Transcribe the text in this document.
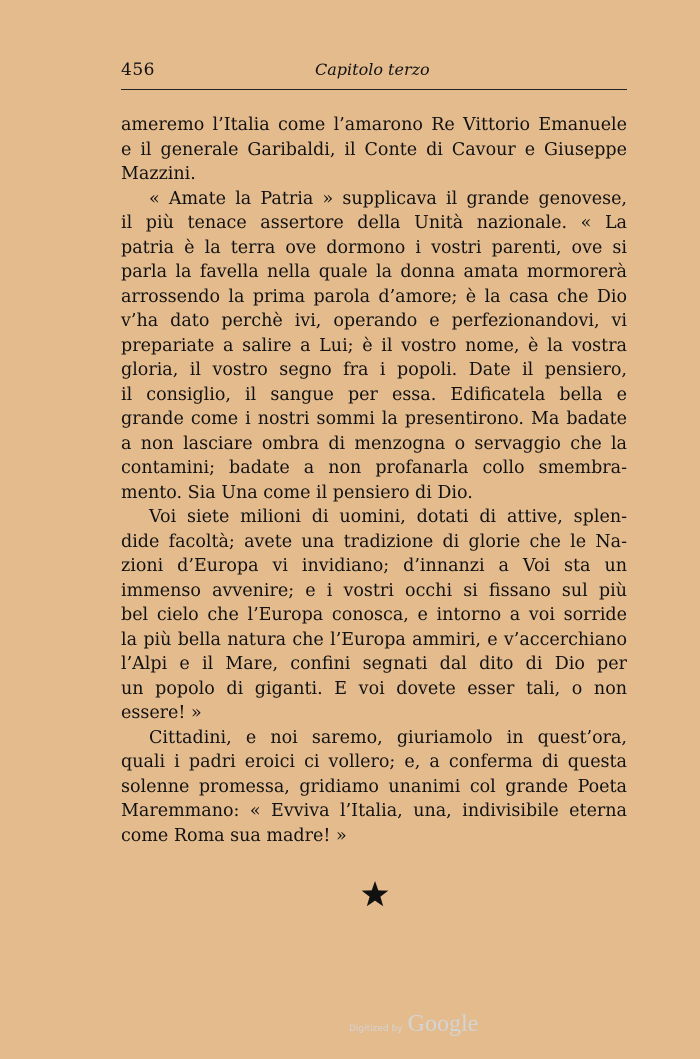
456	Capitolo terzo
ameremo l’Italia come l’amarono Re Vittorio Emanuele
e il generale Garibaldi, il Conte di Cavour e Giuseppe
Mazzini.
« Amate la Patria » supplicava il grande genovese,
il più tenace assertore della Unità nazionale. « La
patria è la terra ove dormono i vostri parenti, ove si
parla la favella nella quale la donna amata mormorerà
arrossendo la prima parola d’amore; è la casa che Dio
v’ha dato perchè ivi, operando e perfezionandovi, vi
prepariate a salire a Lui; è il vostro nome, è la vostra
gloria, il vostro segno fra i popoli. Date il pensiero,
il consiglio, il sangue per essa. Edificatela bella e
grande come i nostri sommi la presentirono. Ma badate
a non lasciare ombra di menzogna o servaggio che la
contamini; badate a non profanarla collo smembra-
mento. Sia Una come il pensiero di Dio.
Voi siete milioni di uomini, dotati di attive, splen-
dide facoltà; avete una tradizione di glorie che le Na-
zioni d’Europa vi invidiano; d’innanzi a Voi sta un
immenso avvenire; e i vostri occhi si fissano sul più
bel cielo che l’Europa conosca, e intorno a voi sorride
la più bella natura che l’Europa ammiri, e v’accerchiano
l’Alpi e il Mare, confini segnati dal dito di Dio per
un popolo di giganti. E voi dovete esser tali, o non
essere! »
Cittadini, e noi saremo, giuriamolo in quest’ora,
quali i padri eroici ci vollero; e, a conferma di questa
solenne promessa, gridiamo unanimi col grande Poeta
Maremmano: « Evviva l’Italia, una, indivisibile eterna
come Roma sua madre! »
Digitized by Google
